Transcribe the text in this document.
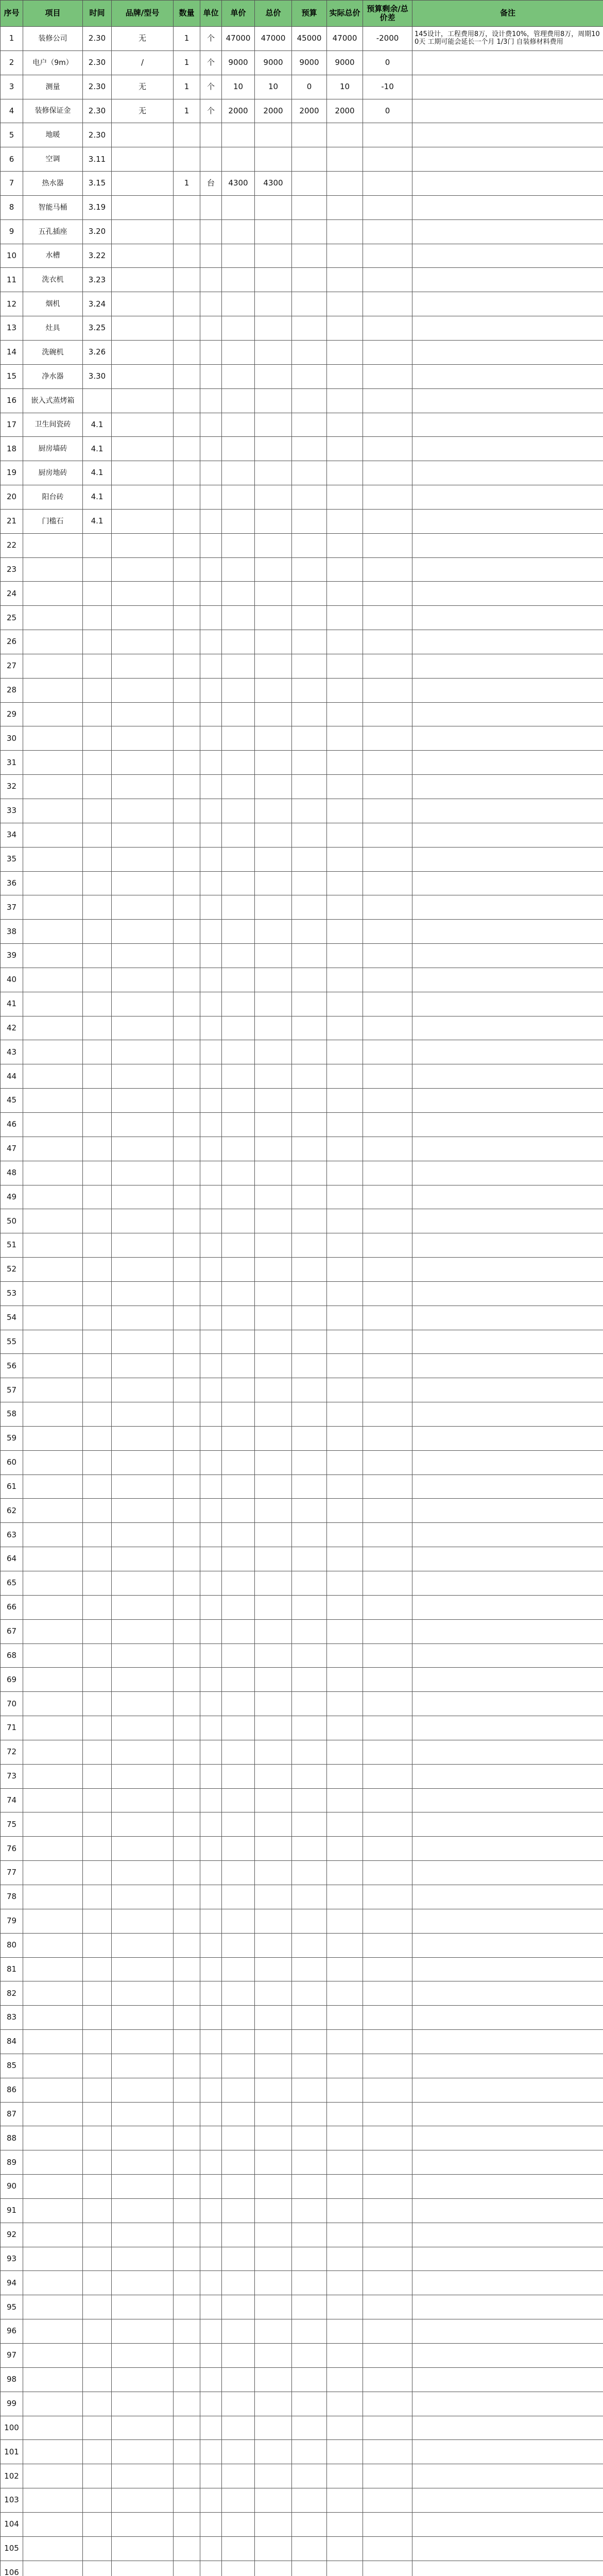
序号	项目	时间	品牌/型号	数量	单位	单价	总价	预算	实际总价	预算剩余/总价差	备注
1	装修公司	2.30	无	1	个	47000	47000	45000	47000	-2000	145设计，工程费用8万，设计费10%，管理费用8万，周期100天 工期可能会延长一个月 1/3门 自装修材料费用
2	电户（9m）	2.30	/	1	个	9000	9000	9000	9000	0	
3	测量	2.30	无	1	个	10	10	0	10	-10	
4	装修保证金	2.30	无	1	个	2000	2000	2000	2000	0	
5	地暖	2.30									
6	空调	3.11									
7	热水器	3.15		1	台	4300	4300				
8	智能马桶	3.19									
9	五孔插座	3.20									
10	水槽	3.22									
11	洗衣机	3.23									
12	烟机	3.24									
13	灶具	3.25									
14	洗碗机	3.26									
15	净水器	3.30									
16	嵌入式蒸烤箱										
17	卫生间瓷砖	4.1									
18	厨房墙砖	4.1									
19	厨房地砖	4.1									
20	阳台砖	4.1									
21	门槛石	4.1									
22											
23											
24											
25											
26											
27											
28											
29											
30											
31											
32											
33											
34											
35											
36											
37											
38											
39											
40											
41											
42											
43											
44											
45											
46											
47											
48											
49											
50											
51											
52											
53											
54											
55											
56											
57											
58											
59											
60											
61											
62											
63											
64											
65											
66											
67											
68											
69											
70											
71											
72											
73											
74											
75											
76											
77											
78											
79											
80											
81											
82											
83											
84											
85											
86											
87											
88											
89											
90											
91											
92											
93											
94											
95											
96											
97											
98											
99											
100											
101											
102											
103											
104											
105											
106											
